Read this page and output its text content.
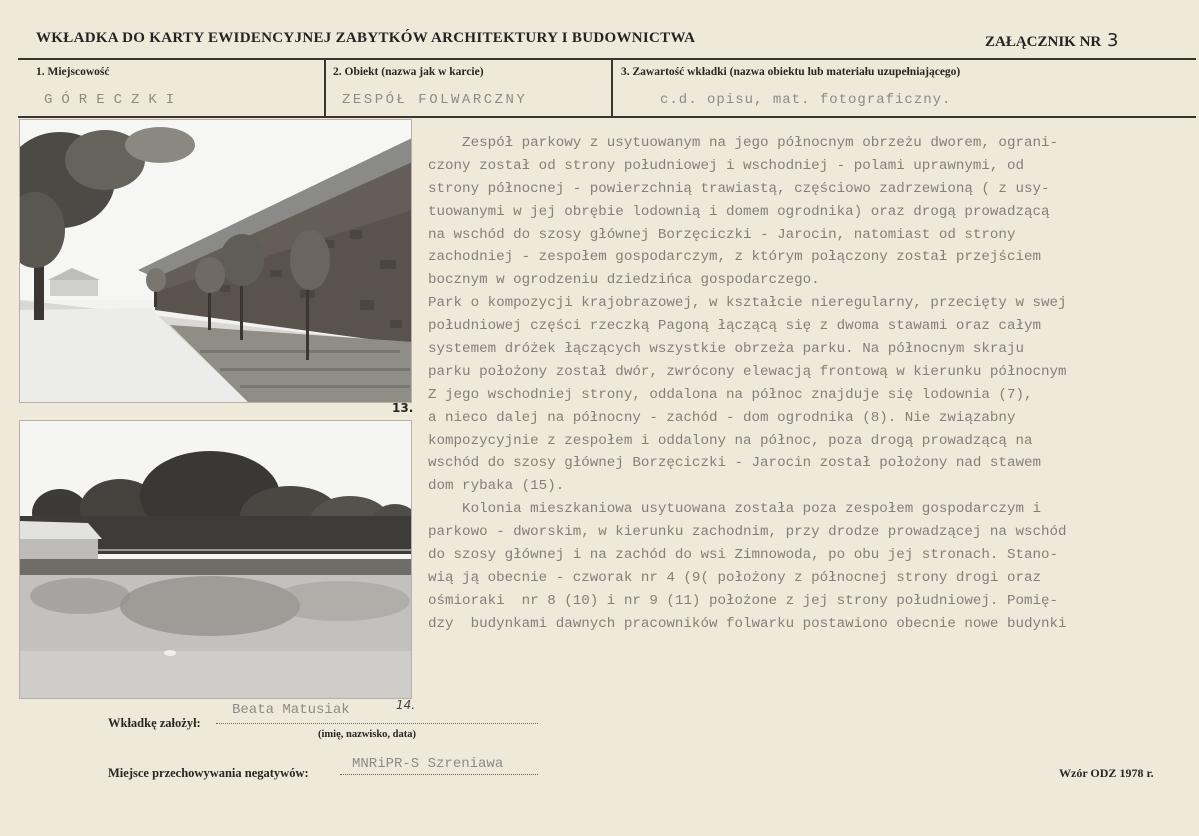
WKŁADKA DO KARTY EWIDENCYJNEJ ZABYTKÓW ARCHITEKTURY I BUDOWNICTWA	ZAŁĄCZNIK NR 3
1. Miejscowość
GÓRECZKI
2. Obiekt (nazwa jak w karcie)
ZESPÓŁ FOLWARCZNY
3. Zawartość wkładki (nazwa obiektu lub materiału uzupełniającego)
c.d. opisu, mat. fotograficzny.
13.
Zespół parkowy z usytuowanym na jego północnym obrzeżu dworem, ograni-
czony został od strony południowej i wschodniej - polami uprawnymi, od
strony północnej - powierzchnią trawiastą, częściowo zadrzewioną ( z usy-
tuowanymi w jej obrębie lodownią i domem ogrodnika) oraz drogą prowadzącą
na wschód do szosy głównej Borzęciczki - Jarocin, natomiast od strony
zachodniej - zespołem gospodarczym, z którym połączony został przejściem
bocznym w ogrodzeniu dziedzińca gospodarczego.
Park o kompozycji krajobrazowej, w kształcie nieregularny, przecięty w swej
południowej części rzeczką Pagoną łączącą się z dwoma stawami oraz całym
systemem dróżek łączących wszystkie obrzeża parku. Na północnym skraju
parku położony został dwór, zwrócony elewacją frontową w kierunku północnym
Z jego wschodniej strony, oddalona na północ znajduje się lodownia (7),
a nieco dalej na północny - zachód - dom ogrodnika (8). Nie związabny
kompozycyjnie z zespołem i oddalony na północ, poza drogą prowadzącą na
wschód do szosy głównej Borzęciczki - Jarocin został położony nad stawem
dom rybaka (15).
Kolonia mieszkaniowa usytuowana została poza zespołem gospodarczym i
parkowo - dworskim, w kierunku zachodnim, przy drodze prowadzącej na wschód
do szosy głównej i na zachód do wsi Zimnowoda, po obu jej stronach. Stano-
wią ją obecnie - czworak nr 4 (9( położony z północnej strony drogi oraz
ośmioraki  nr 8 (10) i nr 9 (11) położone z jej strony południowej. Pomię-
dzy  budynkami dawnych pracowników folwarku postawiono obecnie nowe budynki
Wkładkę założył:
Beata Matusiak	14.
(imię, nazwisko, data)
Miejsce przechowywania negatywów:
MNRiPR-S Szreniawa
Wzór ODZ 1978 r.
